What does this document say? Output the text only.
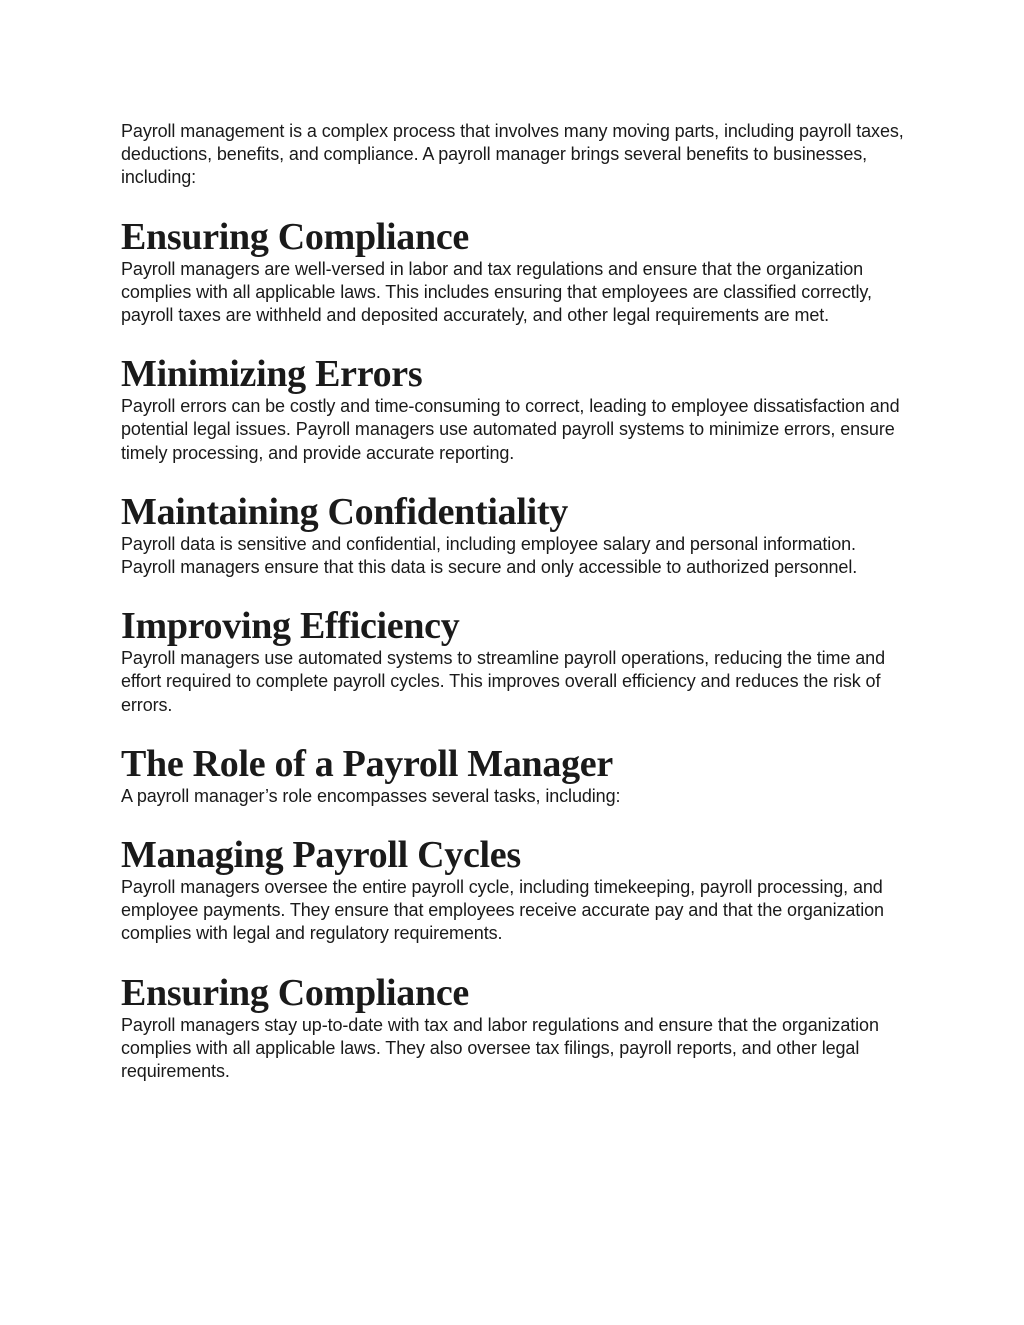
Payroll management is a complex process that involves many moving parts, including payroll taxes, deductions, benefits, and compliance. A payroll manager brings several benefits to businesses, including:

Ensuring Compliance

Payroll managers are well-versed in labor and tax regulations and ensure that the organization complies with all applicable laws. This includes ensuring that employees are classified correctly, payroll taxes are withheld and deposited accurately, and other legal requirements are met.

Minimizing Errors

Payroll errors can be costly and time-consuming to correct, leading to employee dissatisfaction and potential legal issues. Payroll managers use automated payroll systems to minimize errors, ensure timely processing, and provide accurate reporting.

Maintaining Confidentiality

Payroll data is sensitive and confidential, including employee salary and personal information. Payroll managers ensure that this data is secure and only accessible to authorized personnel.

Improving Efficiency

Payroll managers use automated systems to streamline payroll operations, reducing the time and effort required to complete payroll cycles. This improves overall efficiency and reduces the risk of errors.

The Role of a Payroll Manager

A payroll manager’s role encompasses several tasks, including:

Managing Payroll Cycles

Payroll managers oversee the entire payroll cycle, including timekeeping, payroll processing, and employee payments. They ensure that employees receive accurate pay and that the organization complies with legal and regulatory requirements.

Ensuring Compliance

Payroll managers stay up-to-date with tax and labor regulations and ensure that the organization complies with all applicable laws. They also oversee tax filings, payroll reports, and other legal requirements.
